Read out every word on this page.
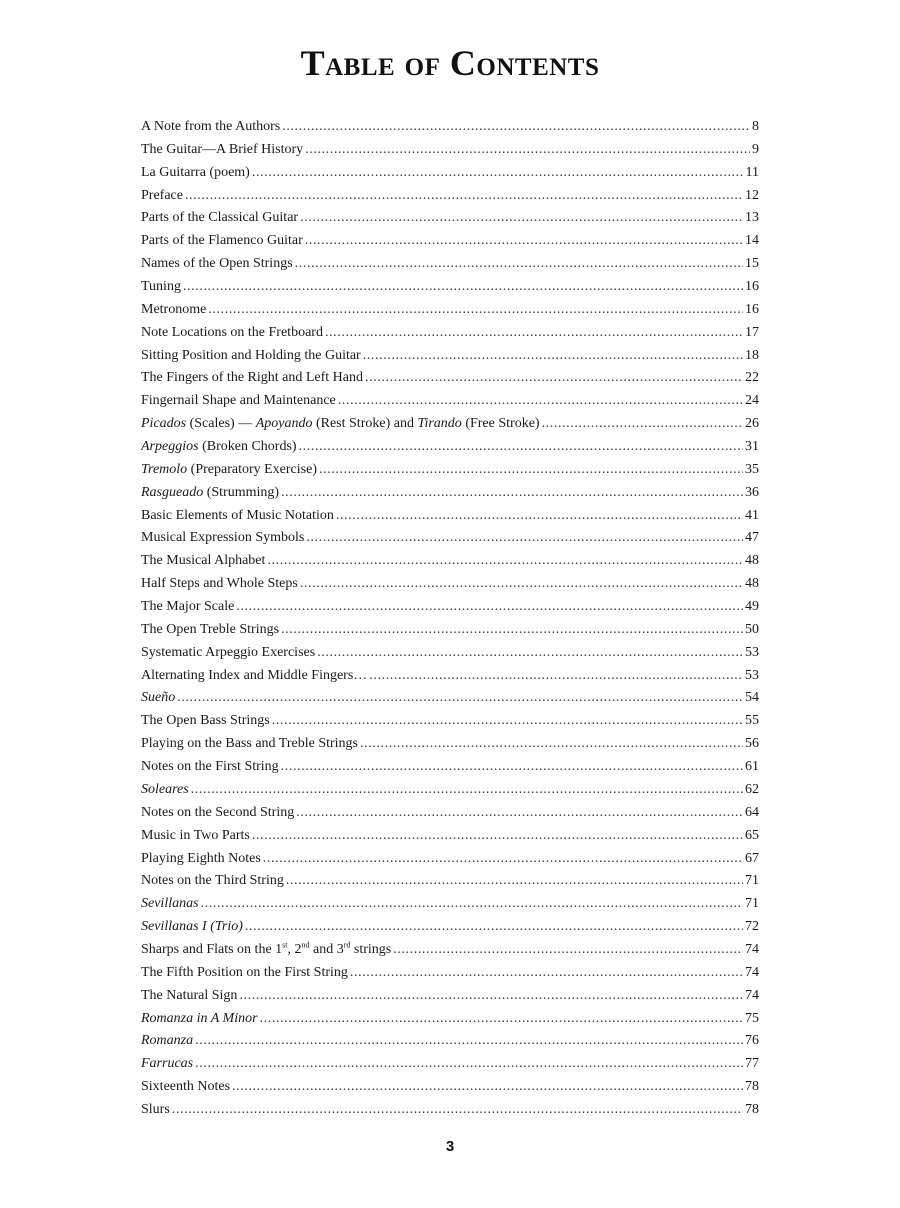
Table of Contents
A Note from the Authors .....	8
The Guitar—A Brief History .....	9
La Guitarra (poem) .....	11
Preface .....	12
Parts of the Classical Guitar .....	13
Parts of the Flamenco Guitar .....	14
Names of the Open Strings .....	15
Tuning .....	16
Metronome .....	16
Note Locations on the Fretboard .....	17
Sitting Position and Holding the Guitar .....	18
The Fingers of the Right and Left Hand .....	22
Fingernail Shape and Maintenance .....	24
Picados (Scales) — Apoyando (Rest Stroke) and Tirando (Free Stroke) .....	26
Arpeggios (Broken Chords) .....	31
Tremolo (Preparatory Exercise) .....	35
Rasgueado (Strumming) .....	36
Basic Elements of Music Notation .....	41
Musical Expression Symbols .....	47
The Musical Alphabet .....	48
Half Steps and Whole Steps .....	48
The Major Scale .....	49
The Open Treble Strings .....	50
Systematic Arpeggio Exercises .....	53
Alternating Index and Middle Fingers… .....	53
Sueño .....	54
The Open Bass Strings .....	55
Playing on the Bass and Treble Strings .....	56
Notes on the First String .....	61
Soleares .....	62
Notes on the Second String .....	64
Music in Two Parts .....	65
Playing Eighth Notes .....	67
Notes on the Third String .....	71
Sevillanas .....	71
Sevillanas I (Trio) .....	72
Sharps and Flats on the 1st, 2nd and 3rd strings .....	74
The Fifth Position on the First String .....	74
The Natural Sign .....	74
Romanza in A Minor .....	75
Romanza .....	76
Farrucas .....	77
Sixteenth Notes .....	78
Slurs .....	78
3
